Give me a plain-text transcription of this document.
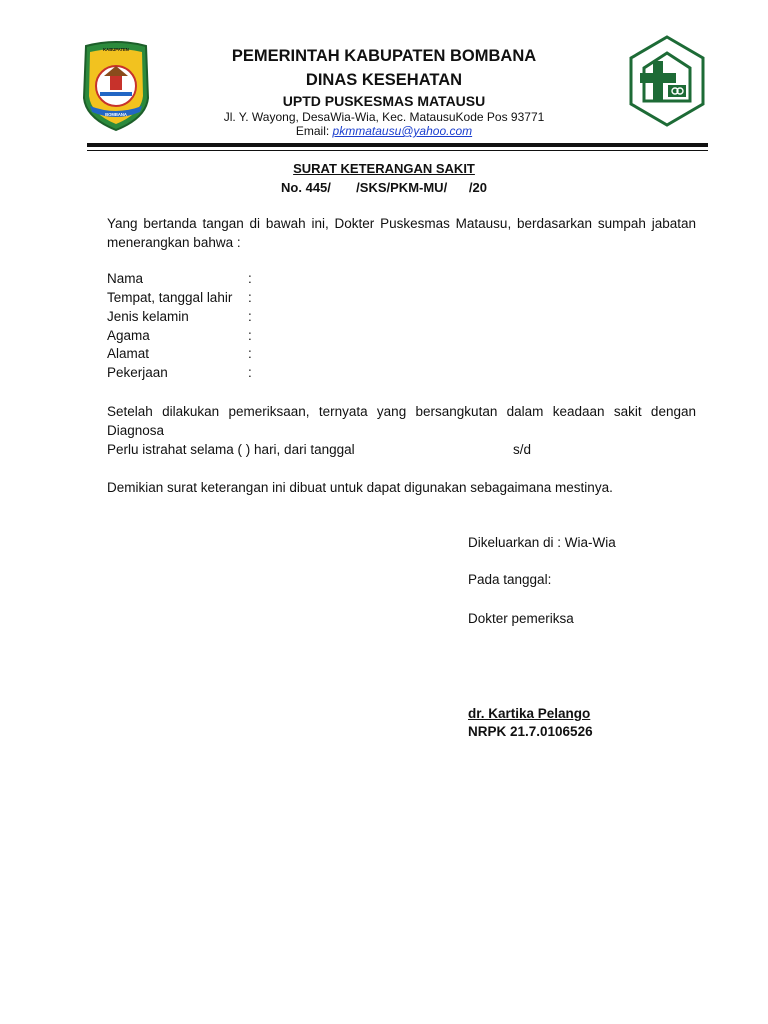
KABUPATEN
BOMBANA
PEMERINTAH KABUPATEN BOMBANA
DINAS KESEHATAN
UPTD PUSKESMAS MATAUSU
Jl. Y. Wayong, DesaWia-Wia, Kec. MatausuKode Pos 93771
Email: pkmmatausu@yahoo.com
SURAT KETERANGAN SAKIT
No. 445/       /SKS/PKM-MU/      /20
Yang bertanda tangan di bawah ini, Dokter Puskesmas Matausu, berdasarkan sumpah jabatan
menerangkan bahwa :
Nama	:
Tempat, tanggal lahir :
Jenis kelamin	:
Agama	:
Alamat	:
Pekerjaan	:
Setelah dilakukan pemeriksaan, ternyata yang bersangkutan dalam keadaan sakit dengan
Diagnosa
Perlu istrahat selama ( ) hari, dari tanggal	s/d
Demikian surat keterangan ini dibuat untuk dapat digunakan sebagaimana mestinya.
Dikeluarkan di : Wia-Wia
Pada tanggal:
Dokter pemeriksa
dr. Kartika Pelango
NRPK 21.7.0106526
